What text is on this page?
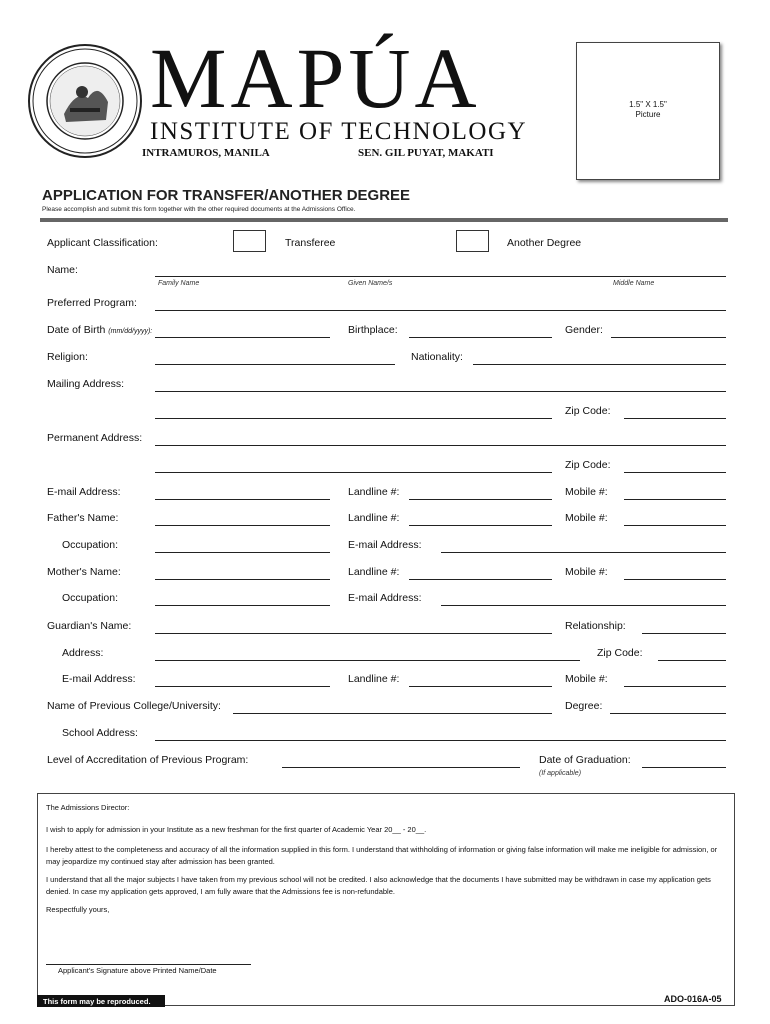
MAPÚA
INSTITUTE OF TECHNOLOGY
INTRAMUROS, MANILA	SEN. GIL PUYAT, MAKATI
1.5" X 1.5"
Picture
APPLICATION FOR TRANSFER/ANOTHER DEGREE
Please accomplish and submit this form together with the other required documents at the Admissions Office.
Applicant Classification:	Transferee	Another Degree
Name:
Family Name	Given Name/s	Middle Name
Preferred Program:
Date of Birth (mm/dd/yyyy):	Birthplace:	Gender:
Religion:	Nationality:
Mailing Address:
Zip Code:
Permanent Address:
Zip Code:
E-mail Address:	Landline #:	Mobile #:
Father's Name:	Landline #:	Mobile #:
Occupation:	E-mail Address:
Mother's Name:	Landline #:	Mobile #:
Occupation:	E-mail Address:
Guardian's Name:	Relationship:
Address:	Zip Code:
E-mail Address:	Landline #:	Mobile #:
Name of Previous College/University:	Degree:
School Address:
Level of Accreditation of Previous Program:	Date of Graduation:
(If applicable)

The Admissions Director:

I wish to apply for admission in your Institute as a new freshman for the first quarter of Academic Year 20__ - 20__.

I hereby attest to the completeness and accuracy of all the information supplied in this form. I understand that withholding of information or giving false information will make me ineligible for admission, or may jeopardize my continued stay after admission has been granted.

I understand that all the major subjects I have taken from my previous school will not be credited. I also acknowledge that the documents I have submitted may be withdrawn in case my application gets denied. In case my application gets approved, I am fully aware that the Admissions fee is non-refundable.

Respectfully yours,

Applicant's Signature above Printed Name/Date
This form may be reproduced.	ADO-016A-05
